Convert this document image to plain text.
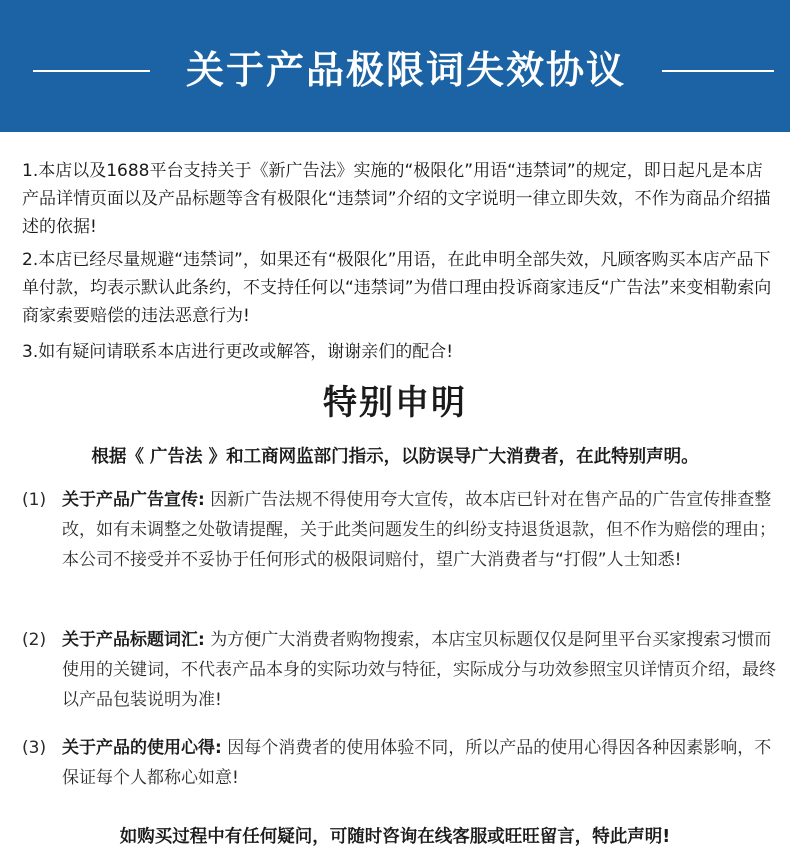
关于产品极限词失效协议

1.本店以及1688平台支持关于《新广告法》实施的“极限化”用语“违禁词”的规定，即日起凡是本店产品详情页面以及产品标题等含有极限化“违禁词”介绍的文字说明一律立即失效，不作为商品介绍描述的依据!

2.本店已经尽量规避“违禁词”，如果还有“极限化”用语，在此申明全部失效，凡顾客购买本店产品下单付款，均表示默认此条约，不支持任何以“违禁词”为借口理由投诉商家违反“广告法”来变相勒索向商家索要赔偿的违法恶意行为!

3.如有疑问请联系本店进行更改或解答，谢谢亲们的配合!

特别申明
根据《 广告法 》和工商网监部门指示，以防误导广大消费者，在此特别声明。
(1) 关于产品广告宣传: 因新广告法规不得使用夸大宣传，故本店已针对在售产品的广告宣传排查整改，如有未调整之处敬请提醒，关于此类问题发生的纠纷支持退货退款，但不作为赔偿的理由；本公司不接受并不妥协于任何形式的极限词赔付，望广大消费者与“打假”人士知悉!
(2) 关于产品标题词汇: 为方便广大消费者购物搜索，本店宝贝标题仅仅是阿里平台买家搜索习惯而使用的关键词，不代表产品本身的实际功效与特征，实际成分与功效参照宝贝详情页介绍，最终以产品包装说明为准!
(3) 关于产品的使用心得: 因每个消费者的使用体验不同，所以产品的使用心得因各种因素影响，不保证每个人都称心如意!
如购买过程中有任何疑问，可随时咨询在线客服或旺旺留言，特此声明!
